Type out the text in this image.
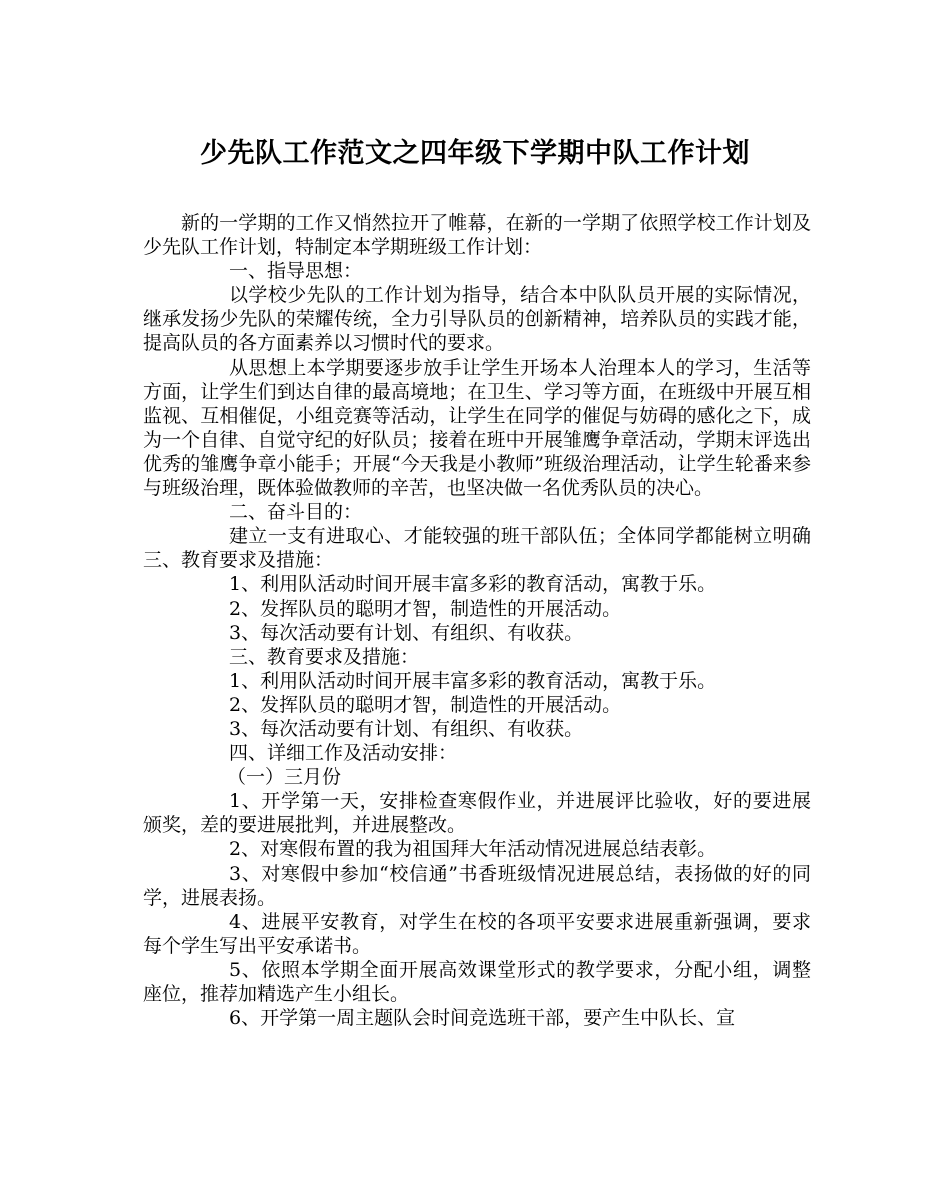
少先队工作范文之四年级下学期中队工作计划

新的一学期的工作又悄然拉开了帷幕，在新的一学期了依照学校工作计划及少先队工作计划，特制定本学期班级工作计划：

一、指导思想：

以学校少先队的工作计划为指导，结合本中队队员开展的实际情况，继承发扬少先队的荣耀传统，全力引导队员的创新精神，培养队员的实践才能，提高队员的各方面素养以习惯时代的要求。

从思想上本学期要逐步放手让学生开场本人治理本人的学习，生活等方面，让学生们到达自律的最高境地；在卫生、学习等方面，在班级中开展互相监视、互相催促，小组竞赛等活动，让学生在同学的催促与妨碍的感化之下，成为一个自律、自觉守纪的好队员；接着在班中开展雏鹰争章活动，学期末评选出优秀的雏鹰争章小能手；开展“今天我是小教师”班级治理活动，让学生轮番来参与班级治理，既体验做教师的辛苦，也坚决做一名优秀队员的决心。

二、奋斗目的：

建立一支有进取心、才能较强的班干部队伍；全体同学都能树立明确三、教育要求及措施：

1、利用队活动时间开展丰富多彩的教育活动，寓教于乐。

2、发挥队员的聪明才智，制造性的开展活动。

3、每次活动要有计划、有组织、有收获。

三、教育要求及措施：

1、利用队活动时间开展丰富多彩的教育活动，寓教于乐。

2、发挥队员的聪明才智，制造性的开展活动。

3、每次活动要有计划、有组织、有收获。

四、详细工作及活动安排：

（一）三月份

1、开学第一天，安排检查寒假作业，并进展评比验收，好的要进展颁奖，差的要进展批判，并进展整改。

2、对寒假布置的我为祖国拜大年活动情况进展总结表彰。

3、对寒假中参加“校信通”书香班级情况进展总结，表扬做的好的同学，进展表扬。

4、进展平安教育，对学生在校的各项平安要求进展重新强调，要求每个学生写出平安承诺书。

5、依照本学期全面开展高效课堂形式的教学要求，分配小组，调整座位，推荐加精选产生小组长。

6、开学第一周主题队会时间竞选班干部，要产生中队长、宣
